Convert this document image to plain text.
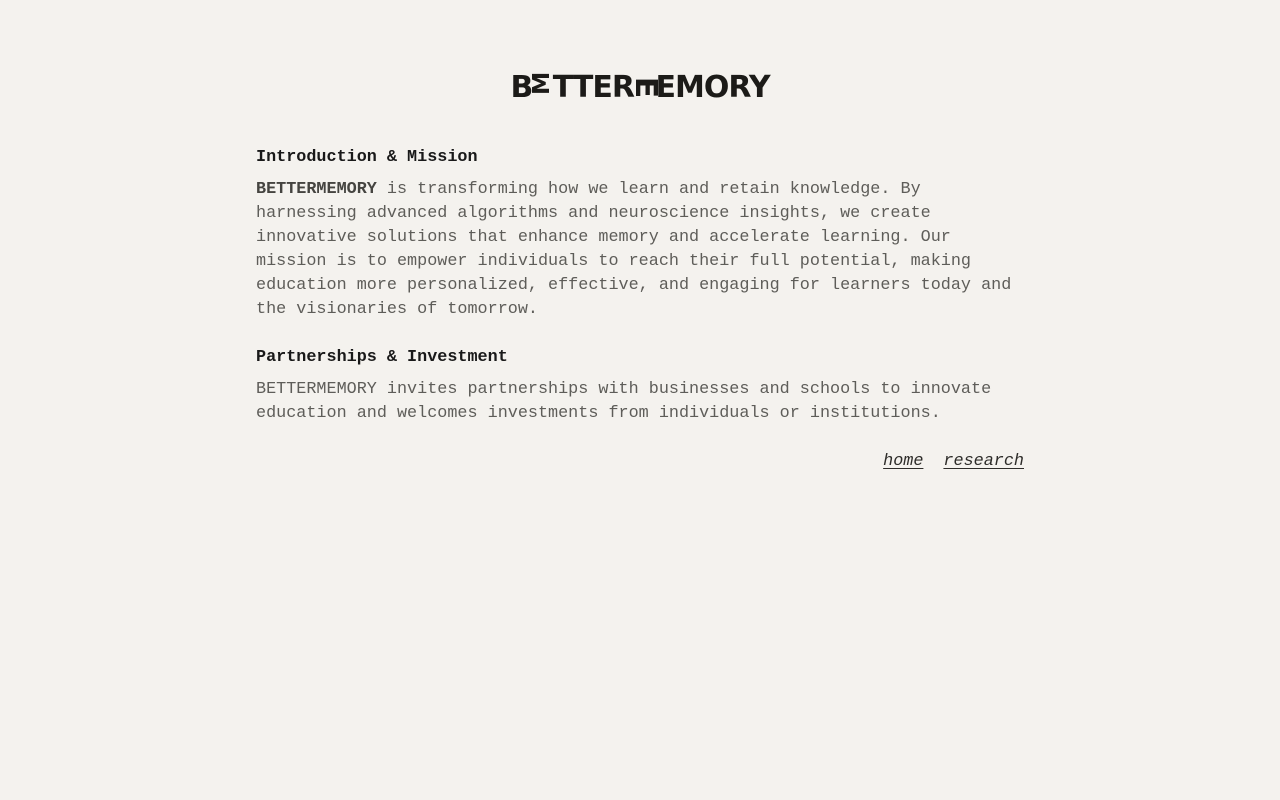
BMTTEREEMORY
Introduction & Mission

BETTERMEMORY is transforming how we learn and retain knowledge. By harnessing advanced algorithms and neuroscience insights, we create innovative solutions that enhance memory and accelerate learning. Our mission is to empower individuals to reach their full potential, making education more personalized, effective, and engaging for learners today and the visionaries of tomorrow.

Partnerships & Investment

BETTERMEMORY invites partnerships with businesses and schools to innovate education and welcomes investments from individuals or institutions.

home research
